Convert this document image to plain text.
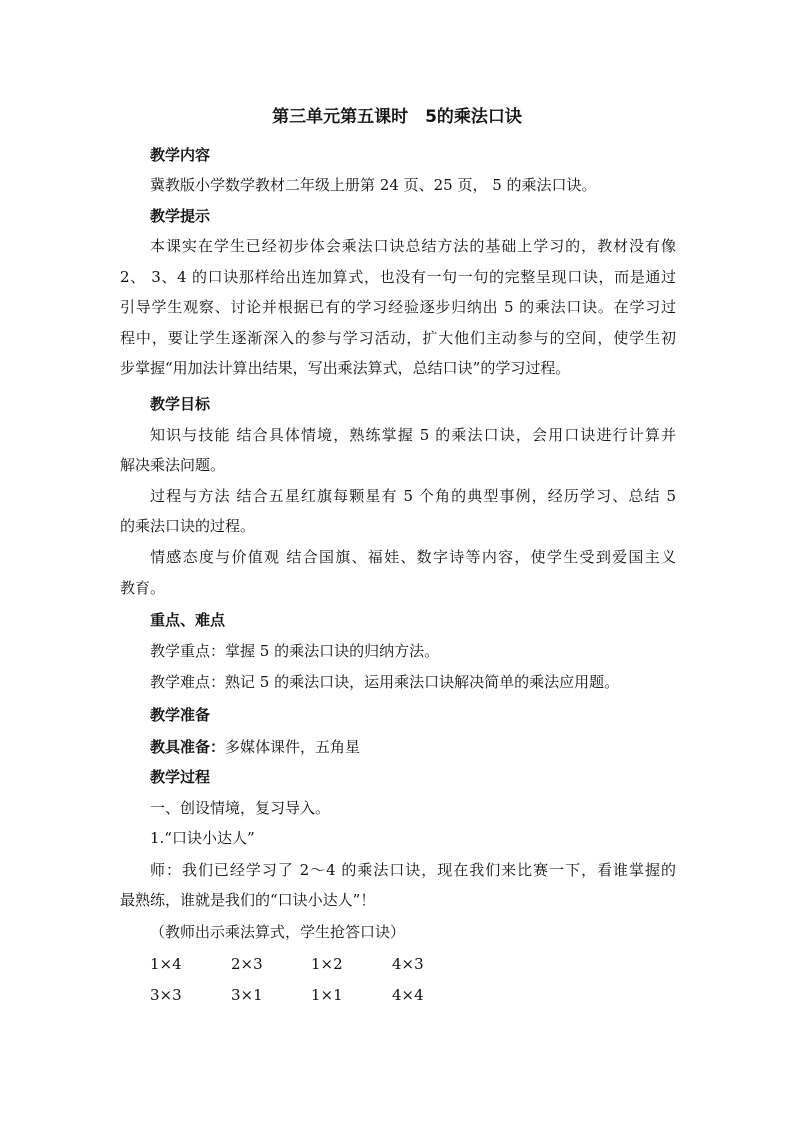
第三单元第五课时　5的乘法口诀
教学内容
冀教版小学数学教材二年级上册第 24 页、25 页， 5 的乘法口诀。
教学提示
本课实在学生已经初步体会乘法口诀总结方法的基础上学习的，教材没有像
2、 3、4 的口诀那样给出连加算式，也没有一句一句的完整呈现口诀，而是通过
引导学生观察、讨论并根据已有的学习经验逐步归纳出 5 的乘法口诀。在学习过
程中，要让学生逐渐深入的参与学习活动，扩大他们主动参与的空间，使学生初
步掌握“用加法计算出结果，写出乘法算式，总结口诀”的学习过程。
教学目标
知识与技能 结合具体情境，熟练掌握 5 的乘法口诀，会用口诀进行计算并
解决乘法问题。
过程与方法 结合五星红旗每颗星有 5 个角的典型事例，经历学习、总结 5
的乘法口诀的过程。
情感态度与价值观 结合国旗、福娃、数字诗等内容，使学生受到爱国主义
教育。
重点、难点
教学重点：掌握 5 的乘法口诀的归纳方法。
教学难点：熟记 5 的乘法口诀，运用乘法口诀解决简单的乘法应用题。
教学准备
教具准备：多媒体课件，五角星
教学过程
一、创设情境，复习导入。
1.“口诀小达人”
师：我们已经学习了 2～4 的乘法口诀，现在我们来比赛一下，看谁掌握的
最熟练，谁就是我们的“口诀小达人”！
（教师出示乘法算式，学生抢答口诀）
1×4	2×3	1×2	4×3
3×3	3×1	1×1	4×4
